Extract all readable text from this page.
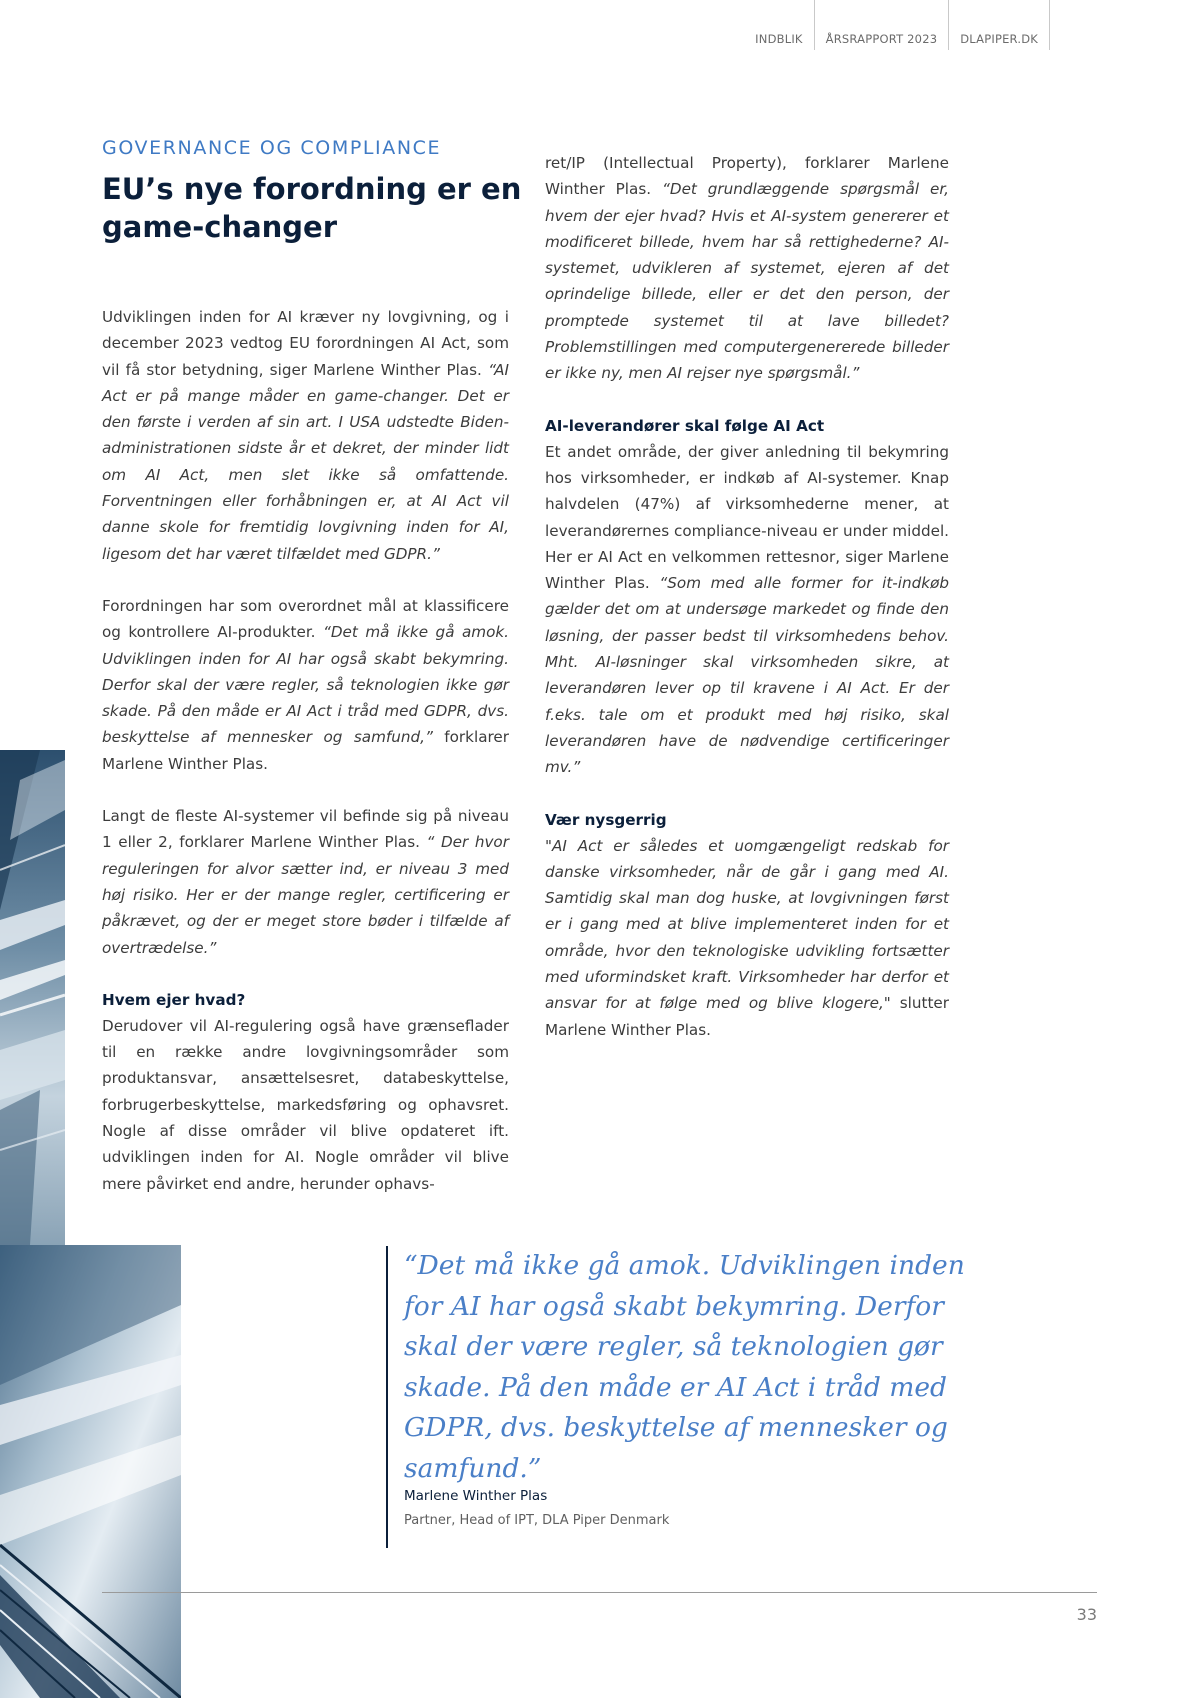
INDBLIK	ÅRSRAPPORT 2023	DLAPIPER.DK
GOVERNANCE OG COMPLIANCE
EU’s nye forordning er en game-changer

Udviklingen inden for AI kræver ny lovgivning, og i december 2023 vedtog EU forordningen AI Act, som vil få stor betydning, siger Marlene Winther Plas. “AI Act er på mange måder en game-changer. Det er den første i verden af sin art. I USA udstedte Biden-administrationen sidste år et dekret, der minder lidt om AI Act, men slet ikke så omfattende. Forventningen eller forhåbningen er, at AI Act vil danne skole for fremtidig lovgivning inden for AI, ligesom det har været tilfældet med GDPR.”

Forordningen har som overordnet mål at klassificere og kontrollere AI-produkter. “Det må ikke gå amok. Udviklingen inden for AI har også skabt bekymring. Derfor skal der være regler, så teknologien ikke gør skade. På den måde er AI Act i tråd med GDPR, dvs. beskyttelse af mennesker og samfund,” forklarer Marlene Winther Plas.

Langt de fleste AI-systemer vil befinde sig på niveau 1 eller 2, forklarer Marlene Winther Plas. “ Der hvor reguleringen for alvor sætter ind, er niveau 3 med høj risiko. Her er der mange regler, certificering er påkrævet, og der er meget store bøder i tilfælde af overtrædelse.”

Hvem ejer hvad?

Derudover vil AI-regulering også have grænseflader til en række andre lovgivningsområder som produktansvar, ansættelsesret, databeskyttelse, forbrugerbeskyttelse, markedsføring og ophavsret. Nogle af disse områder vil blive opdateret ift. udviklingen inden for AI. Nogle områder vil blive mere påvirket end andre, herunder ophavs-

ret/IP (Intellectual Property), forklarer Marlene Winther Plas. “Det grundlæggende spørgsmål er, hvem der ejer hvad? Hvis et AI-system genererer et modificeret billede, hvem har så rettighederne? AI-systemet, udvikleren af systemet, ejeren af det oprindelige billede, eller er det den person, der promptede systemet til at lave billedet? Problemstillingen med computergenererede billeder er ikke ny, men AI rejser nye spørgsmål.”

AI-leverandører skal følge AI Act

Et andet område, der giver anledning til bekymring hos virksomheder, er indkøb af AI-systemer. Knap halvdelen (47%) af virksomhederne mener, at leverandørernes compliance-niveau er under middel. Her er AI Act en velkommen rettesnor, siger Marlene Winther Plas. “Som med alle former for it-indkøb gælder det om at undersøge markedet og finde den løsning, der passer bedst til virksomhedens behov. Mht. AI-løsninger skal virksomheden sikre, at leverandøren lever op til kravene i AI Act. Er der f.eks. tale om et produkt med høj risiko, skal leverandøren have de nødvendige certificeringer mv.”

Vær nysgerrig

"AI Act er således et uomgængeligt redskab for danske virksomheder, når de går i gang med AI. Samtidig skal man dog huske, at lovgivningen først er i gang med at blive implementeret inden for et område, hvor den teknologiske udvikling fortsætter med uformindsket kraft. Virksomheder har derfor et ansvar for at følge med og blive klogere," slutter Marlene Winther Plas.

“Det må ikke gå amok. Udviklingen inden for AI har også skabt bekymring. Derfor skal der være regler, så teknologien gør skade. På den måde er AI Act i tråd med GDPR, dvs. beskyttelse af mennesker og samfund.”

Marlene Winther Plas
Partner, Head of IPT, DLA Piper Denmark
33
